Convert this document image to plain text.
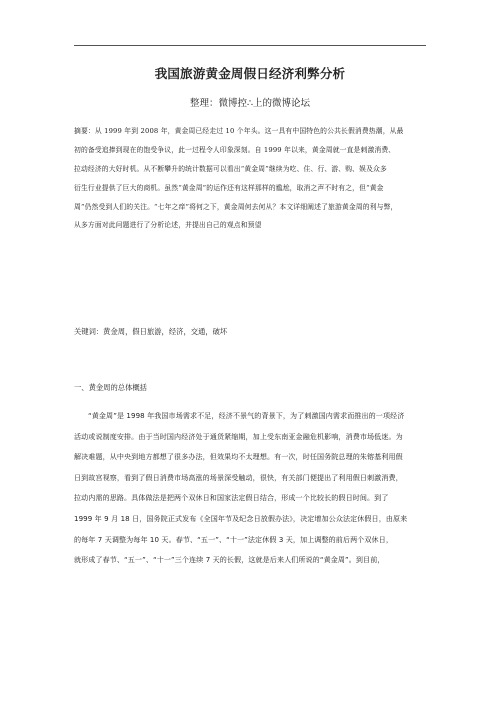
我国旅游黄金周假日经济利弊分析
整理：微博控∴上的微博论坛
摘要：从 1999 年到 2008 年，黄金周已经走过 10 个年头。这一具有中国特色的公共长假消费热潮，从最
初的备受追捧到现在的饱受争议，此一过程令人印象深刻。自 1999 年以来，黄金周就一直是刺激消费、
拉动经济的大好时机。从不断攀升的统计数据可以看出“黄金周”继续为吃、住、行、游、购、娱及众多
衍生行业提供了巨大的商机。虽然“黄金周”的运作还有这样那样的尴尬，取消之声不时有之，但“黄金
周”仍然受到人们的关注。“七年之痒”将何之下，黄金周何去何从？本文详细阐述了旅游黄金周的利与弊，
从多方面对此问题进行了分析论述，并提出自己的观点和预望
关键词：黄金周，假日旅游，经济，交通，破坏
一、黄金周的总体概括
“黄金周”是 1998 年我国市场需求不足，经济不景气的背景下，为了刺激国内需求而推出的一项经济
活动或说制度安排。由于当时国内经济处于通货紧缩期，加上受东南亚金融危机影响，消费市场低迷。为
解决难题，从中央到地方都想了很多办法，但效果均不太理想。有一次，时任国务院总理的朱镕基利用假
日到故宫视察，看到了假日消费市场高涨的场景深受触动，很快，有关部门便提出了利用假日刺激消费，
拉动内需的思路。具体做法是把两个双休日和国家法定假日结合，形成一个比较长的假日时间。到了
1999 年 9 月 18 日，国务院正式发布《全国年节及纪念日放假办法》，决定增加公众法定休假日，由原来
的每年 7 天调整为每年 10 天。春节、“五一”、“十一”法定休假 3 天，加上调整的前后两个双休日，
就形成了春节、“五一”、“十一”三个连续 7 天的长假，这就是后来人们所说的“黄金周”。到目前，
